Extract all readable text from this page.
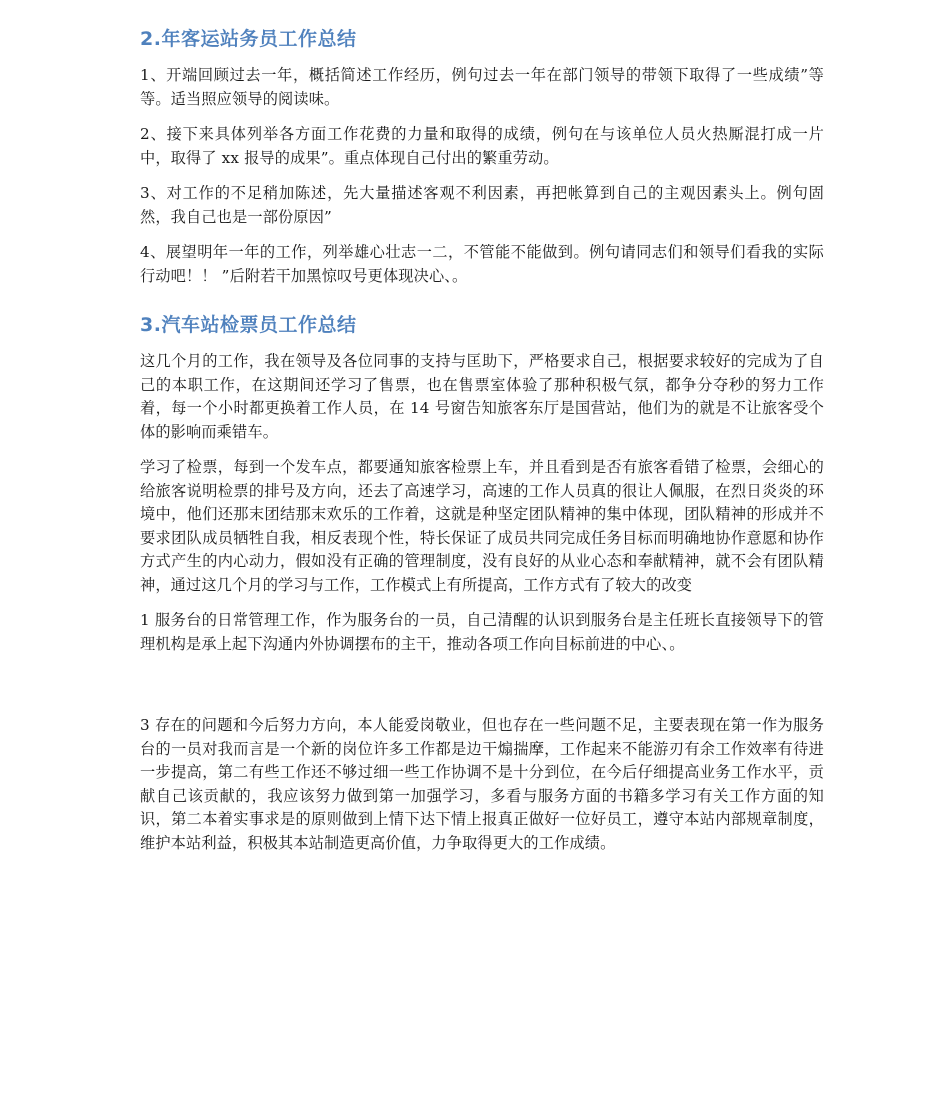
2.年客运站务员工作总结

1、开端回顾过去一年，概括简述工作经历，例句过去一年在部门领导的带领下取得了一些成绩”等等。适当照应领导的阅读味。

2、接下来具体列举各方面工作花费的力量和取得的成绩，例句在与该单位人员火热厮混打成一片中，取得了 xx 报导的成果”。重点体现自己付出的繁重劳动。

3、对工作的不足稍加陈述，先大量描述客观不利因素，再把帐算到自己的主观因素头上。例句固然，我自己也是一部份原因”

4、展望明年一年的工作，列举雄心壮志一二，不管能不能做到。例句请同志们和领导们看我的实际行动吧！！ ”后附若干加黑惊叹号更体现决心、。

3.汽车站检票员工作总结

这几个月的工作，我在领导及各位同事的支持与匡助下，严格要求自己，根据要求较好的完成为了自己的本职工作，在这期间还学习了售票，也在售票室体验了那种积极气氛，都争分夺秒的努力工作着，每一个小时都更换着工作人员，在 14 号窗告知旅客东厅是国营站，他们为的就是不让旅客受个体的影响而乘错车。

学习了检票，每到一个发车点，都要通知旅客检票上车，并且看到是否有旅客看错了检票，会细心的给旅客说明检票的排号及方向，还去了高速学习，高速的工作人员真的很让人佩服，在烈日炎炎的环境中，他们还那末团结那末欢乐的工作着，这就是种坚定团队精神的集中体现，团队精神的形成并不要求团队成员牺牲自我，相反表现个性，特长保证了成员共同完成任务目标而明确地协作意愿和协作方式产生的内心动力，假如没有正确的管理制度，没有良好的从业心态和奉献精神，就不会有团队精神，通过这几个月的学习与工作，工作模式上有所提高，工作方式有了较大的改变

1 服务台的日常管理工作，作为服务台的一员，自己清醒的认识到服务台是主任班长直接领导下的管理机构是承上起下沟通内外协调摆布的主干，推动各项工作向目标前进的中心、。

3 存在的问题和今后努力方向，本人能爱岗敬业，但也存在一些问题不足，主要表现在第一作为服务台的一员对我而言是一个新的岗位许多工作都是边干煽揣摩，工作起来不能游刃有余工作效率有待进一步提高，第二有些工作还不够过细一些工作协调不是十分到位，在今后仔细提高业务工作水平，贡献自己该贡献的，我应该努力做到第一加强学习，多看与服务方面的书籍多学习有关工作方面的知识，第二本着实事求是的原则做到上情下达下情上报真正做好一位好员工，遵守本站内部规章制度，维护本站利益，积极其本站制造更高价值，力争取得更大的工作成绩。
